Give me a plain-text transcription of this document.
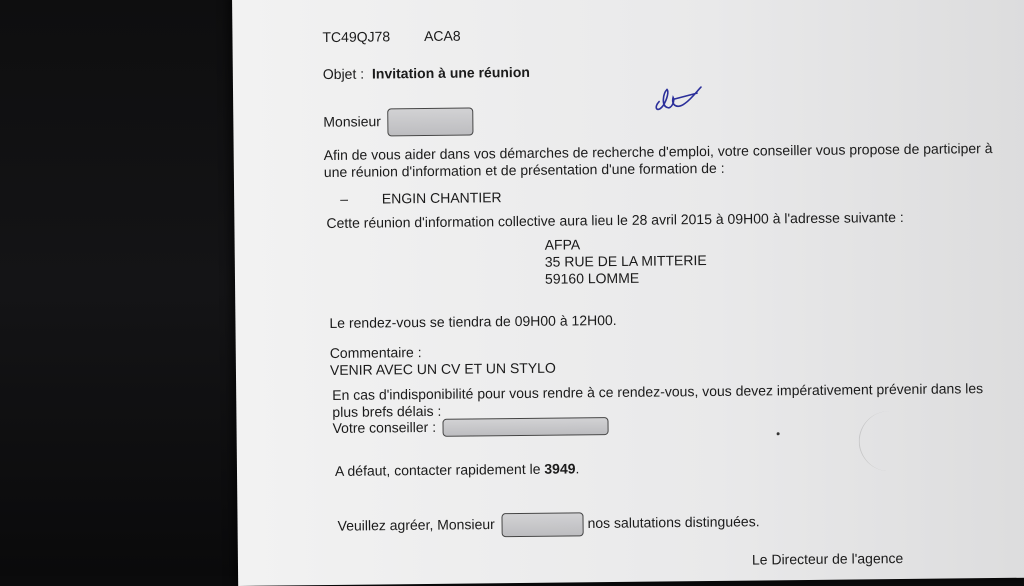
TC49QJ78 ACA8
Objet : Invitation à une réunion
Monsieur
Afin de vous aider dans vos démarches de recherche d'emploi, votre conseiller vous propose de participer à
une réunion d'information et de présentation d'une formation de :
– ENGIN CHANTIER
Cette réunion d'information collective aura lieu le 28 avril 2015 à 09H00 à l'adresse suivante :
AFPA
35 RUE DE LA MITTERIE
59160 LOMME
Le rendez-vous se tiendra de 09H00 à 12H00.
Commentaire :
VENIR AVEC UN CV ET UN STYLO
En cas d'indisponibilité pour vous rendre à ce rendez-vous, vous devez impérativement prévenir dans les
plus brefs délais :
Votre conseiller :
A défaut, contacter rapidement le 3949.
Veuillez agréer, Monsieur	nos salutations distinguées.
Le Directeur de l'agence
